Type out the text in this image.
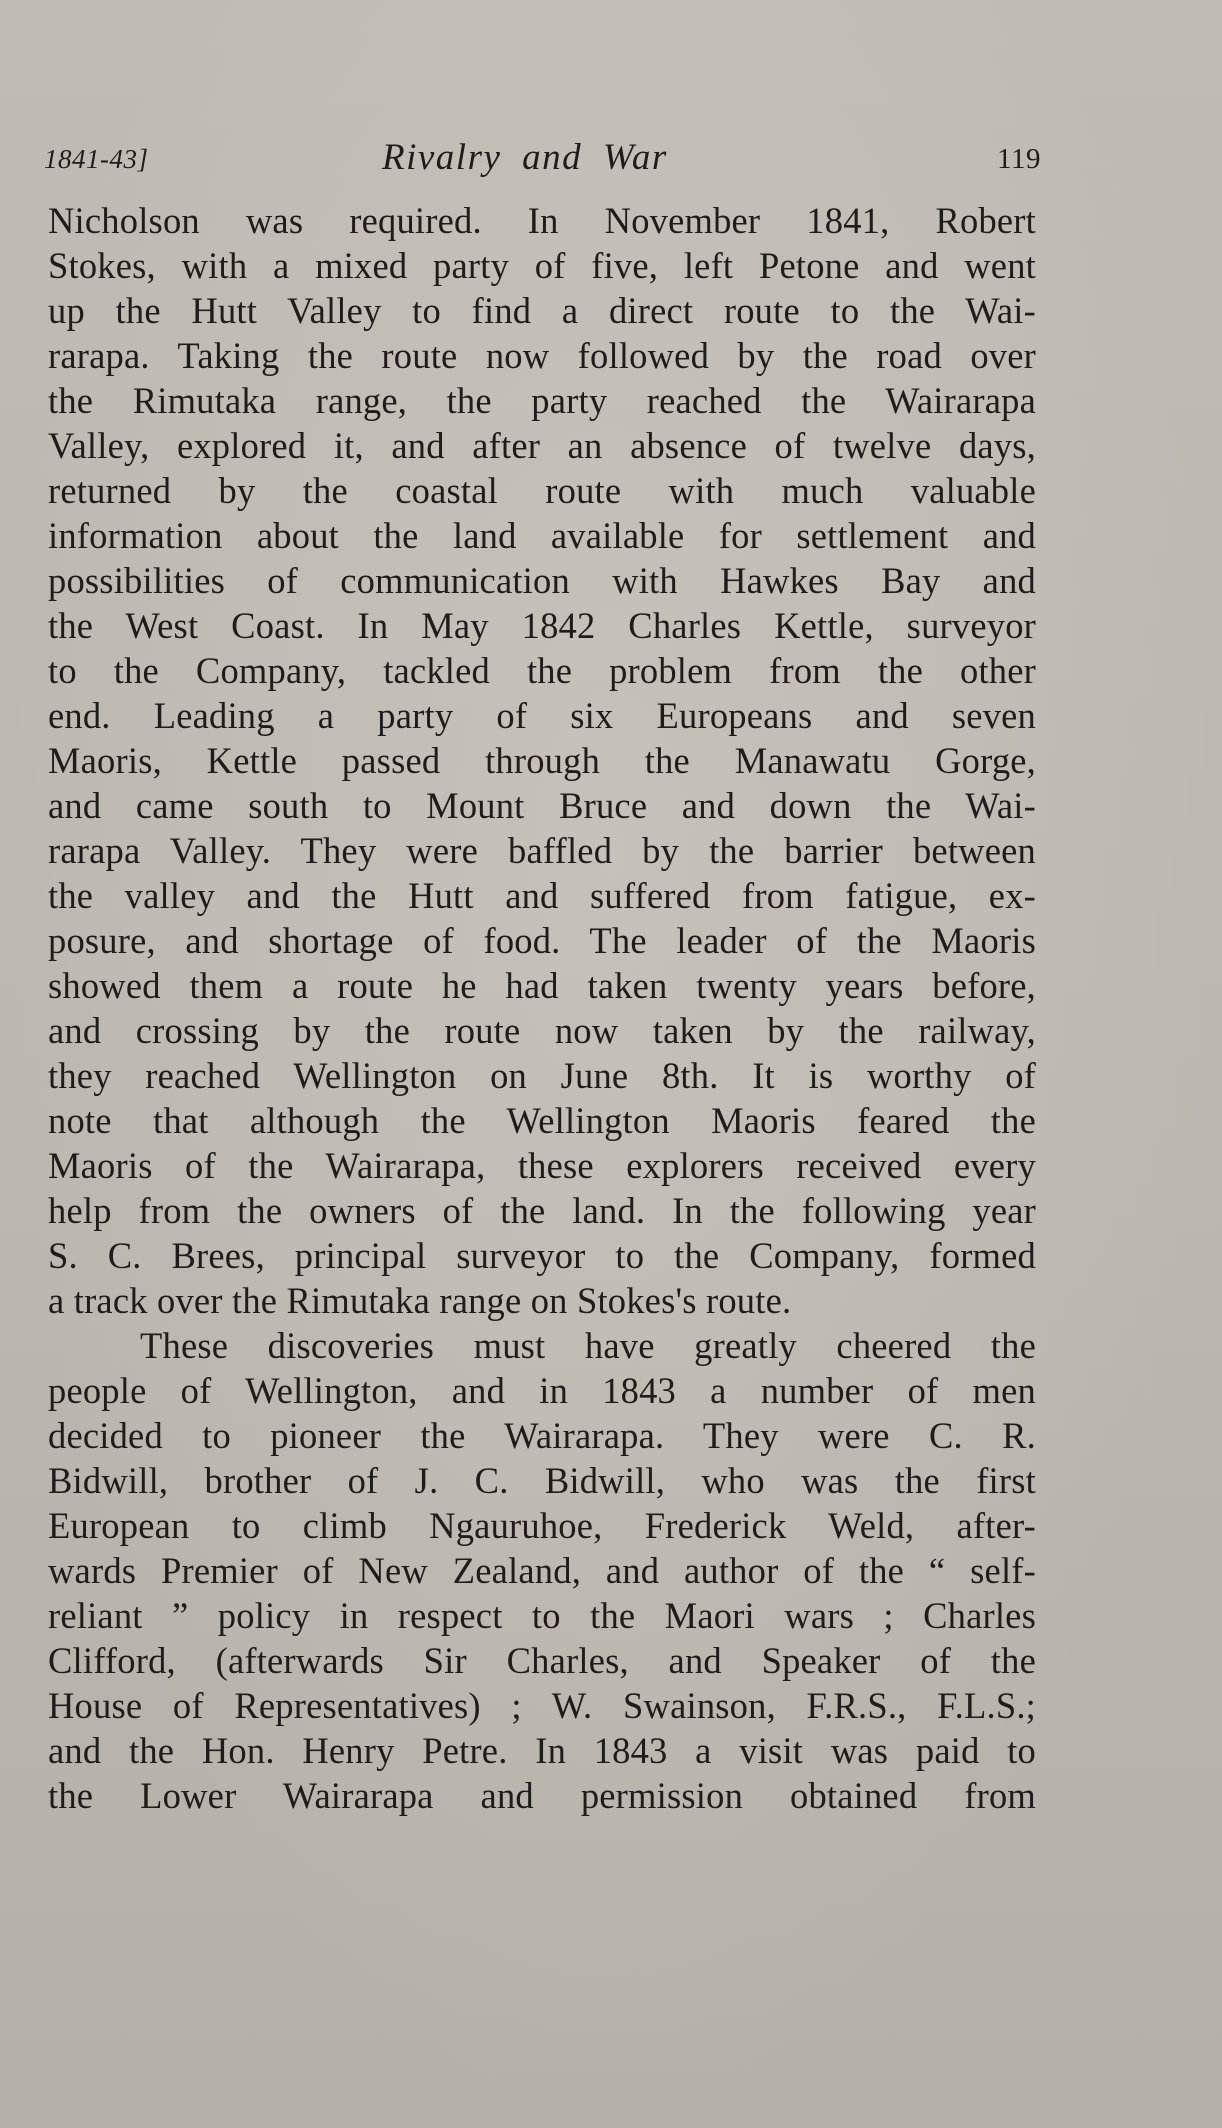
1841-43]	Rivalry and War	119
Nicholson was required. In November 1841, Robert
Stokes, with a mixed party of five, left Petone and went
up the Hutt Valley to find a direct route to the Wai-
rarapa. Taking the route now followed by the road over
the Rimutaka range, the party reached the Wairarapa
Valley, explored it, and after an absence of twelve days,
returned by the coastal route with much valuable
information about the land available for settlement and
possibilities of communication with Hawkes Bay and
the West Coast. In May 1842 Charles Kettle, surveyor
to the Company, tackled the problem from the other
end. Leading a party of six Europeans and seven
Maoris, Kettle passed through the Manawatu Gorge,
and came south to Mount Bruce and down the Wai-
rarapa Valley. They were baffled by the barrier between
the valley and the Hutt and suffered from fatigue, ex-
posure, and shortage of food. The leader of the Maoris
showed them a route he had taken twenty years before,
and crossing by the route now taken by the railway,
they reached Wellington on June 8th. It is worthy of
note that although the Wellington Maoris feared the
Maoris of the Wairarapa, these explorers received every
help from the owners of the land. In the following year
S. C. Brees, principal surveyor to the Company, formed
a track over the Rimutaka range on Stokes's route.
These discoveries must have greatly cheered the
people of Wellington, and in 1843 a number of men
decided to pioneer the Wairarapa. They were C. R.
Bidwill, brother of J. C. Bidwill, who was the first
European to climb Ngauruhoe, Frederick Weld, after-
wards Premier of New Zealand, and author of the “ self-
reliant ” policy in respect to the Maori wars ; Charles
Clifford, (afterwards Sir Charles, and Speaker of the
House of Representatives) ; W. Swainson, F.R.S., F.L.S.;
and the Hon. Henry Petre. In 1843 a visit was paid to
the Lower Wairarapa and permission obtained from
